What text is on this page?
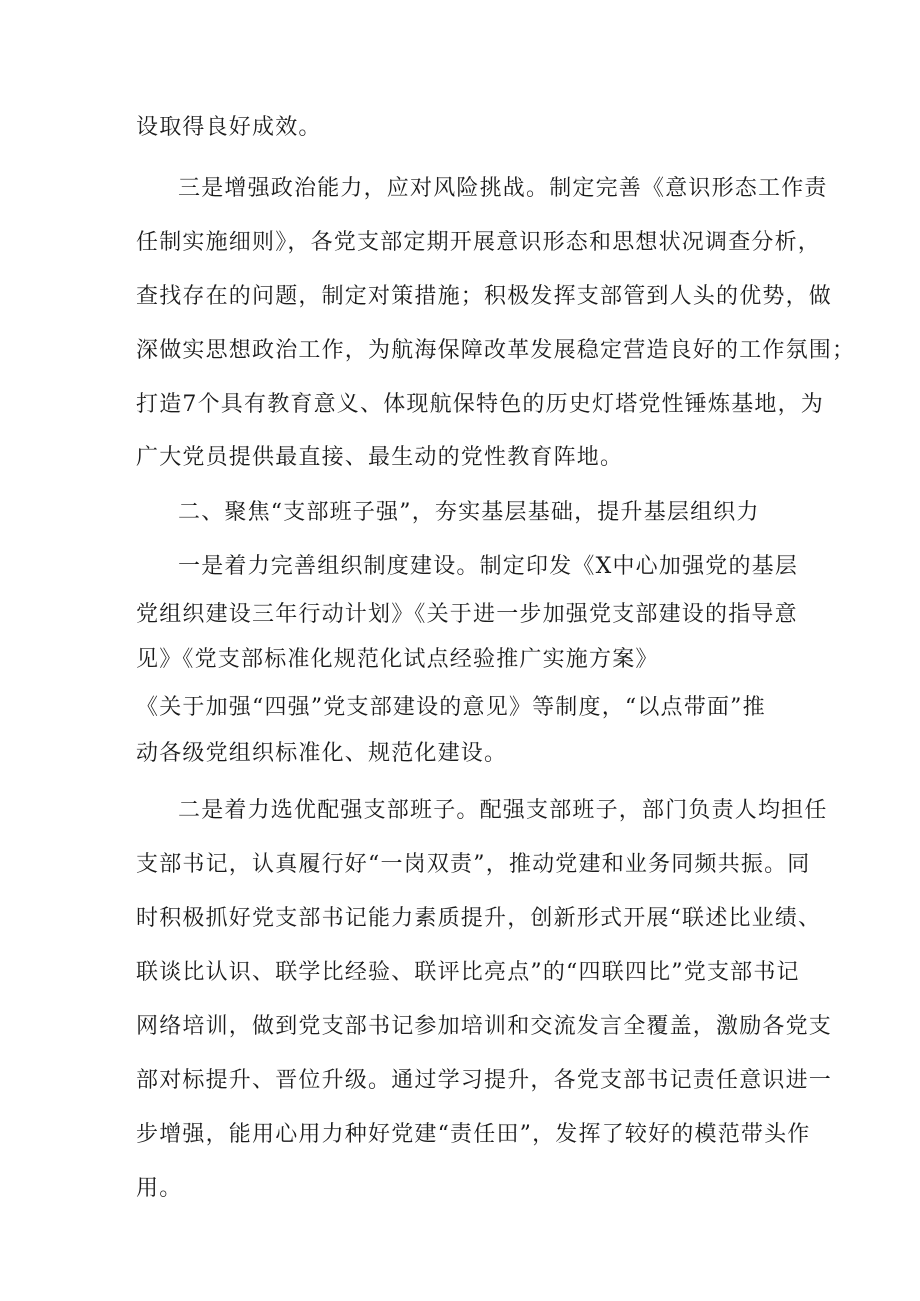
设取得良好成效。
三是增强政治能力，应对风险挑战。制定完善《意识形态工作责
任制实施细则》，各党支部定期开展意识形态和思想状况调查分析，
查找存在的问题，制定对策措施；积极发挥支部管到人头的优势，做
深做实思想政治工作，为航海保障改革发展稳定营造良好的工作氛围；
打造7个具有教育意义、体现航保特色的历史灯塔党性锤炼基地，为
广大党员提供最直接、最生动的党性教育阵地。
二、聚焦“支部班子强”，夯实基层基础，提升基层组织力
一是着力完善组织制度建设。制定印发《X中心加强党的基层
党组织建设三年行动计划》《关于进一步加强党支部建设的指导意
见》《党支部标准化规范化试点经验推广实施方案》
《关于加强“四强”党支部建设的意见》等制度，“以点带面”推
动各级党组织标准化、规范化建设。
二是着力选优配强支部班子。配强支部班子，部门负责人均担任
支部书记，认真履行好“一岗双责”，推动党建和业务同频共振。同
时积极抓好党支部书记能力素质提升，创新形式开展“联述比业绩、
联谈比认识、联学比经验、联评比亮点”的“四联四比”党支部书记
网络培训，做到党支部书记参加培训和交流发言全覆盖，激励各党支
部对标提升、晋位升级。通过学习提升，各党支部书记责任意识进一
步增强，能用心用力种好党建“责任田”，发挥了较好的模范带头作
用。
